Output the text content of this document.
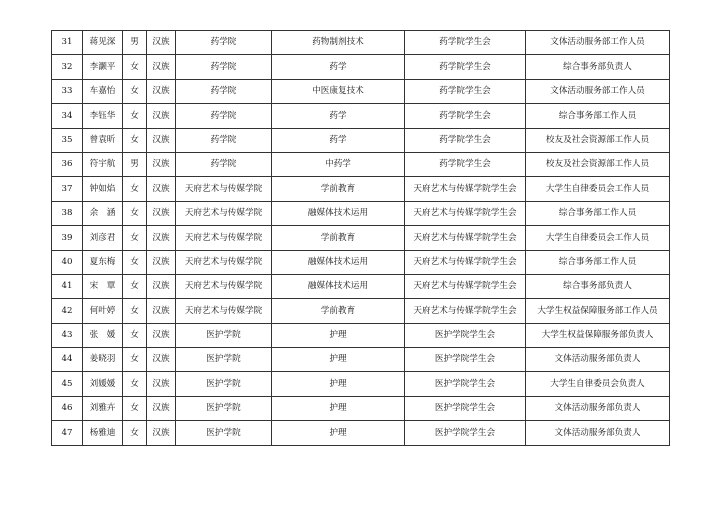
31	蒋见深	男	汉族	药学院	药物制剂技术	药学院学生会	文体活动服务部工作人员
32	李灏平	女	汉族	药学院	药学	药学院学生会	综合事务部负责人
33	车嘉怡	女	汉族	药学院	中医康复技术	药学院学生会	文体活动服务部工作人员
34	李钰华	女	汉族	药学院	药学	药学院学生会	综合事务部工作人员
35	曾袁昕	女	汉族	药学院	药学	药学院学生会	校友及社会资源部工作人员
36	符宇航	男	汉族	药学院	中药学	药学院学生会	校友及社会资源部工作人员
37	钟如焰	女	汉族	天府艺术与传媒学院	学前教育	天府艺术与传媒学院学生会	大学生自律委员会工作人员
38	余　涵	女	汉族	天府艺术与传媒学院	融媒体技术运用	天府艺术与传媒学院学生会	综合事务部工作人员
39	刘彦君	女	汉族	天府艺术与传媒学院	学前教育	天府艺术与传媒学院学生会	大学生自律委员会工作人员
40	夏东梅	女	汉族	天府艺术与传媒学院	融媒体技术运用	天府艺术与传媒学院学生会	综合事务部工作人员
41	宋　覃	女	汉族	天府艺术与传媒学院	融媒体技术运用	天府艺术与传媒学院学生会	综合事务部负责人
42	何叶婷	女	汉族	天府艺术与传媒学院	学前教育	天府艺术与传媒学院学生会	大学生权益保障服务部工作人员
43	张　媛	女	汉族	医护学院	护理	医护学院学生会	大学生权益保障服务部负责人
44	姜晓羽	女	汉族	医护学院	护理	医护学院学生会	文体活动服务部负责人
45	刘媛媛	女	汉族	医护学院	护理	医护学院学生会	大学生自律委员会负责人
46	刘雅卉	女	汉族	医护学院	护理	医护学院学生会	文体活动服务部负责人
47	杨雅迪	女	汉族	医护学院	护理	医护学院学生会	文体活动服务部负责人
